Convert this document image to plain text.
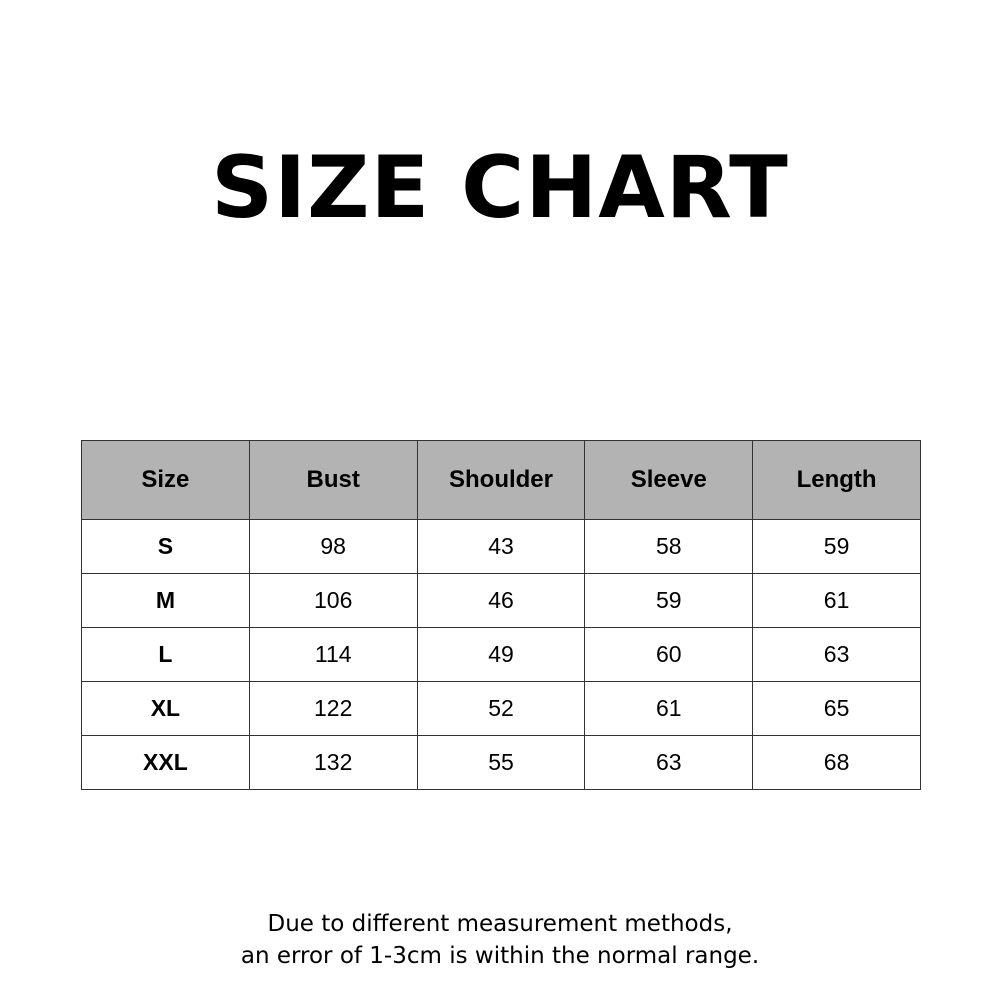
SIZE CHART
Size	Bust	Shoulder	Sleeve	Length
S	98	43	58	59
M	106	46	59	61
L	114	49	60	63
XL	122	52	61	65
XXL	132	55	63	68
Due to different measurement methods,
an error of 1-3cm is within the normal range.
